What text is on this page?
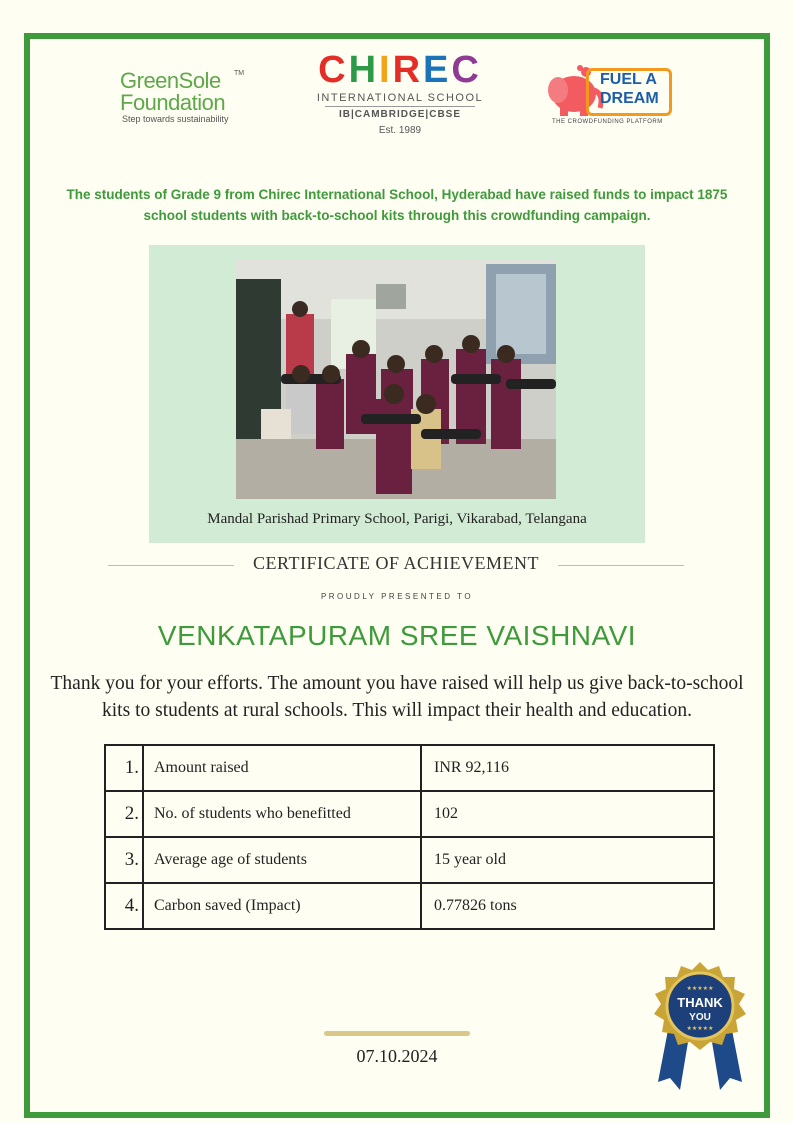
GreenSole TM
Foundation
Step towards sustainability
CHIREC
INTERNATIONAL SCHOOL
IB|CAMBRIDGE|CBSE
Est. 1989
FUEL A
DREAM
THE CROWDFUNDING PLATFORM
The students of Grade 9 from Chirec International School, Hyderabad have raised funds to impact 1875 school students with back-to-school kits through this crowdfunding campaign.
Mandal Parishad Primary School, Parigi, Vikarabad, Telangana
CERTIFICATE OF ACHIEVEMENT
PROUDLY PRESENTED TO
VENKATAPURAM SREE VAISHNAVI
Thank you for your efforts. The amount you have raised will help us give back-to-school kits to students at rural schools. This will impact their health and education.
1.	Amount raised	INR 92,116
2.	No. of students who benefitted	102
3.	Average age of students	15 year old
4.	Carbon saved (Impact)	0.77826 tons
07.10.2024
★★★★★
THANK
YOU
★★★★★
